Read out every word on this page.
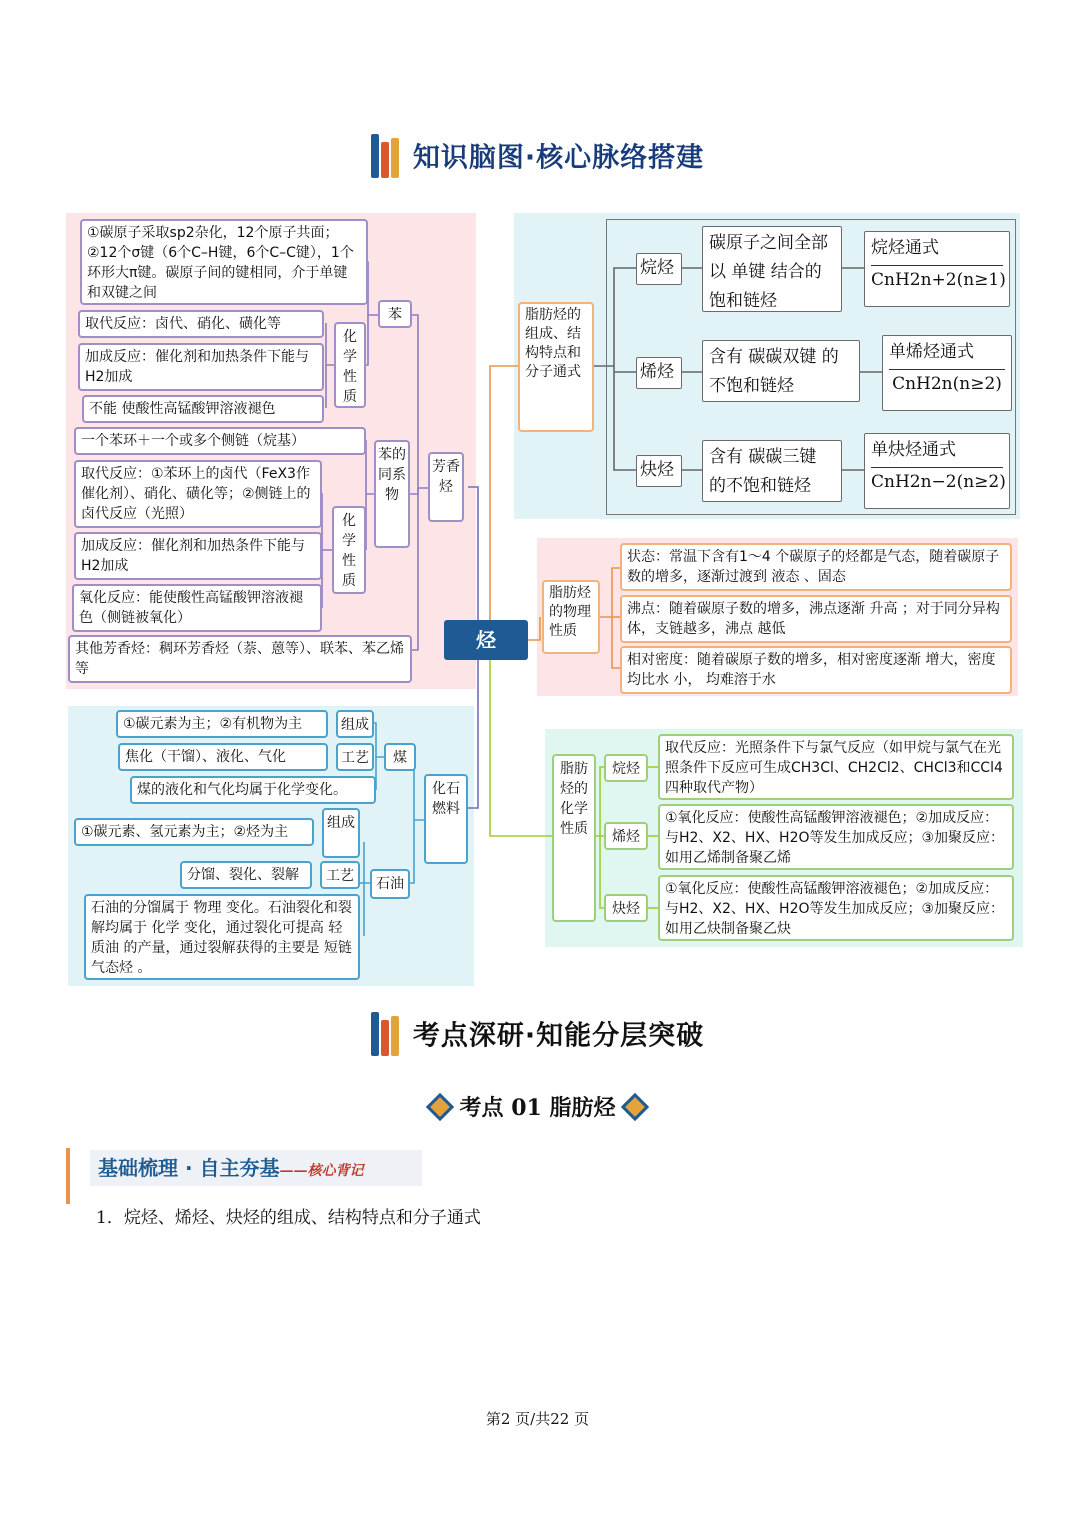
知识脑图·核心脉络搭建
烃
芳香烃
苯
①碳原子采取sp2杂化，12个原子共面；②12个σ键（6个C–H键，6个C–C键），1个环形大π键。碳原子间的键相同，介于单键和双键之间
化学性质
取代反应：卤代、硝化、磺化等
加成反应：催化剂和加热条件下能与H2加成
不能 使酸性高锰酸钾溶液褪色
苯的同系物
一个苯环＋一个或多个侧链（烷基）
化学性质
取代反应：①苯环上的卤代（FeX3作催化剂）、硝化、磺化等；②侧链上的卤代反应（光照）
加成反应：催化剂和加热条件下能与H2加成
氧化反应：能使酸性高锰酸钾溶液褪色（侧链被氧化）
其他芳香烃：稠环芳香烃（萘、蒽等）、联苯、苯乙烯等
化石燃料
煤
组成
①碳元素为主；②有机物为主
工艺
焦化（干馏）、液化、气化
煤的液化和气化均属于化学变化。
石油
组成
①碳元素、氢元素为主；②烃为主
工艺
分馏、裂化、裂解
石油的分馏属于 物理 变化。石油裂化和裂解均属于 化学 变化，通过裂化可提高 轻质油 的产量，通过裂解获得的主要是 短链气态烃 。
脂肪烃的组成、结构特点和分子通式
烷烃
碳原子之间全部以 单键 结合的饱和链烃
烷烃通式
CnH2n+2(n≥1)
烯烃
含有 碳碳双键 的不饱和链烃
单烯烃通式
CnH2n(n≥2)
炔烃
含有 碳碳三键 的不饱和链烃
单炔烃通式
CnH2n−2(n≥2)
脂肪烃的物理性质
状态：常温下含有1～4 个碳原子的烃都是气态，随着碳原子数的增多，逐渐过渡到 液态 、固态
沸点：随着碳原子数的增多，沸点逐渐 升高 ；对于同分异构体，支链越多，沸点 越低
相对密度：随着碳原子数的增多，相对密度逐渐 增大，密度均比水 小， 均难溶于水
脂肪烃的化学性质
烷烃
取代反应：光照条件下与氯气反应（如甲烷与氯气在光照条件下反应可生成CH3Cl、CH2Cl2、CHCl3和CCl4四种取代产物）
烯烃
①氧化反应：使酸性高锰酸钾溶液褪色；②加成反应：与H2、X2、HX、H2O等发生加成反应；③加聚反应：如用乙烯制备聚乙烯
炔烃
①氧化反应：使酸性高锰酸钾溶液褪色；②加成反应：与H2、X2、HX、H2O等发生加成反应；③加聚反应：如用乙炔制备聚乙炔
考点深研·知能分层突破
考点 01 脂肪烃
基础梳理 · 自主夯基——核心背记
1．烷烃、烯烃、炔烃的组成、结构特点和分子通式
第2 页/共22 页
